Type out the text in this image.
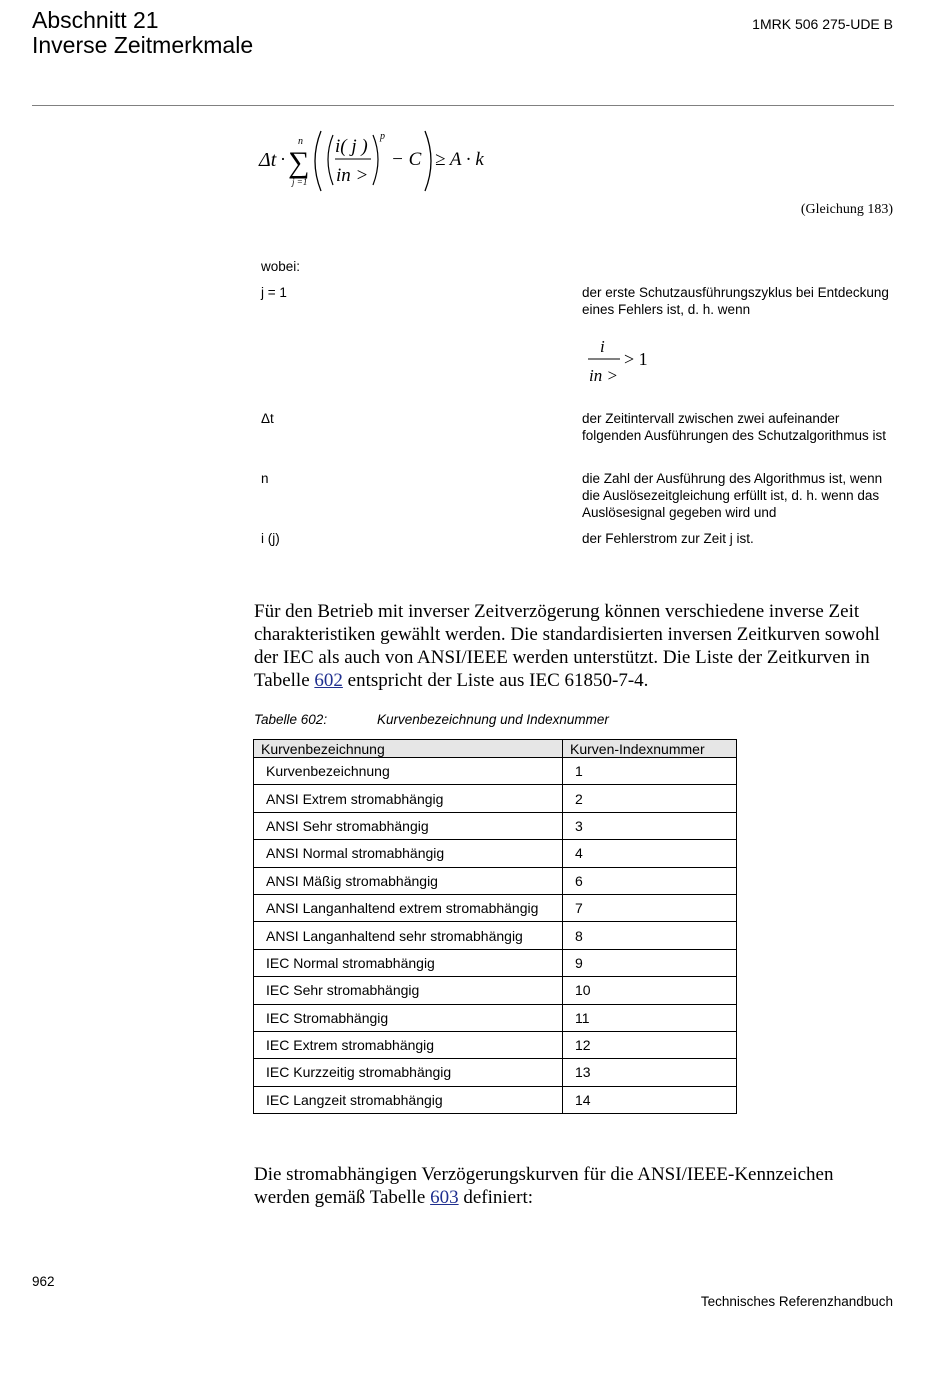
Abschnitt 21
Inverse Zeitmerkmale
1MRK 506 275-UDE B
Δt ·
n
∑
j =1
i( j )
in >
p
− C ≥ A · k
(Gleichung 183)
wobei:
j = 1	der erste Schutzausführungszyklus bei Entdeckung eines Fehlers ist, d. h. wenn
i
in >
> 1
Δt	der Zeitintervall zwischen zwei aufeinander folgenden Ausführungen des Schutzalgorithmus ist
n	die Zahl der Ausführung des Algorithmus ist, wenn die Auslösezeitgleichung erfüllt ist, d. h. wenn das Auslösesignal gegeben wird und
i (j)	der Fehlerstrom zur Zeit j ist.
Für den Betrieb mit inverser Zeitverzögerung können verschiedene inverse Zeit charakteristiken gewählt werden. Die standardisierten inversen Zeitkurven sowohl der IEC als auch von ANSI/IEEE werden unterstützt. Die Liste der Zeitkurven in Tabelle 602 entspricht der Liste aus IEC 61850-7-4.
Tabelle 602:	Kurvenbezeichnung und Indexnummer
Kurvenbezeichnung	Kurven-Indexnummer
Kurvenbezeichnung	1
ANSI Extrem stromabhängig	2
ANSI Sehr stromabhängig	3
ANSI Normal stromabhängig	4
ANSI Mäßig stromabhängig	6
ANSI Langanhaltend extrem stromabhängig	7
ANSI Langanhaltend sehr stromabhängig	8
IEC Normal stromabhängig	9
IEC Sehr stromabhängig	10
IEC Stromabhängig	11
IEC Extrem stromabhängig	12
IEC Kurzzeitig stromabhängig	13
IEC Langzeit stromabhängig	14
Die stromabhängigen Verzögerungskurven für die ANSI/IEEE-Kennzeichen werden gemäß Tabelle 603 definiert:
962
Technisches Referenzhandbuch
